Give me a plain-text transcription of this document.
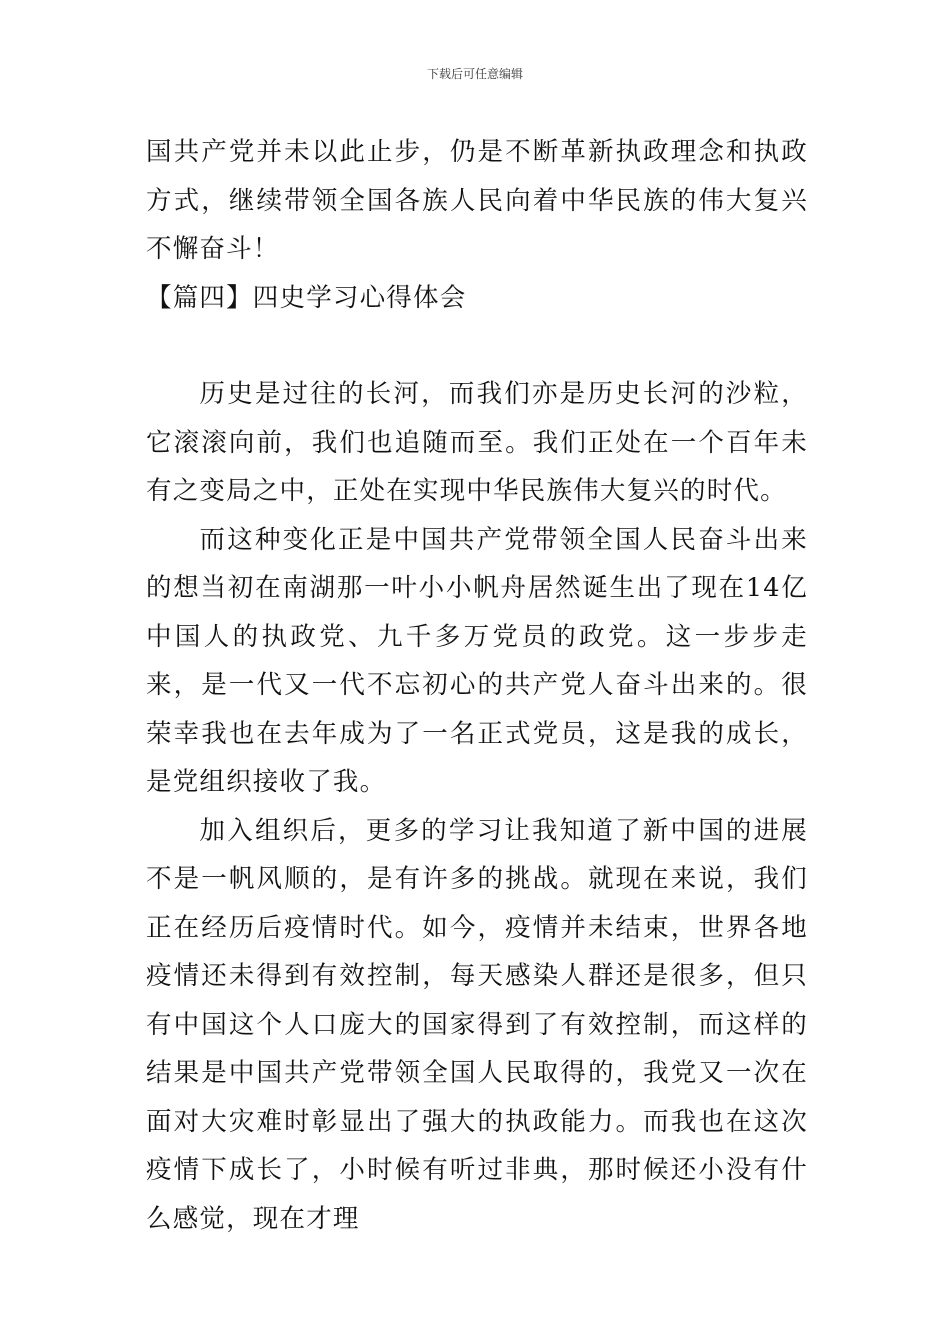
下载后可任意编辑

国共产党并未以此止步，仍是不断革新执政理念和执政方式，继续带领全国各族人民向着中华民族的伟大复兴不懈奋斗！

【篇四】四史学习心得体会

历史是过往的长河，而我们亦是历史长河的沙粒，它滚滚向前，我们也追随而至。我们正处在一个百年未有之变局之中，正处在实现中华民族伟大复兴的时代。

而这种变化正是中国共产党带领全国人民奋斗出来的想当初在南湖那一叶小小帆舟居然诞生出了现在14亿中国人的执政党、九千多万党员的政党。这一步步走来，是一代又一代不忘初心的共产党人奋斗出来的。很荣幸我也在去年成为了一名正式党员，这是我的成长，是党组织接收了我。

加入组织后，更多的学习让我知道了新中国的进展不是一帆风顺的，是有许多的挑战。就现在来说，我们正在经历后疫情时代。如今，疫情并未结束，世界各地疫情还未得到有效控制，每天感染人群还是很多，但只有中国这个人口庞大的国家得到了有效控制，而这样的结果是中国共产党带领全国人民取得的，我党又一次在面对大灾难时彰显出了强大的执政能力。而我也在这次疫情下成长了，小时候有听过非典，那时候还小没有什么感觉，现在才理
